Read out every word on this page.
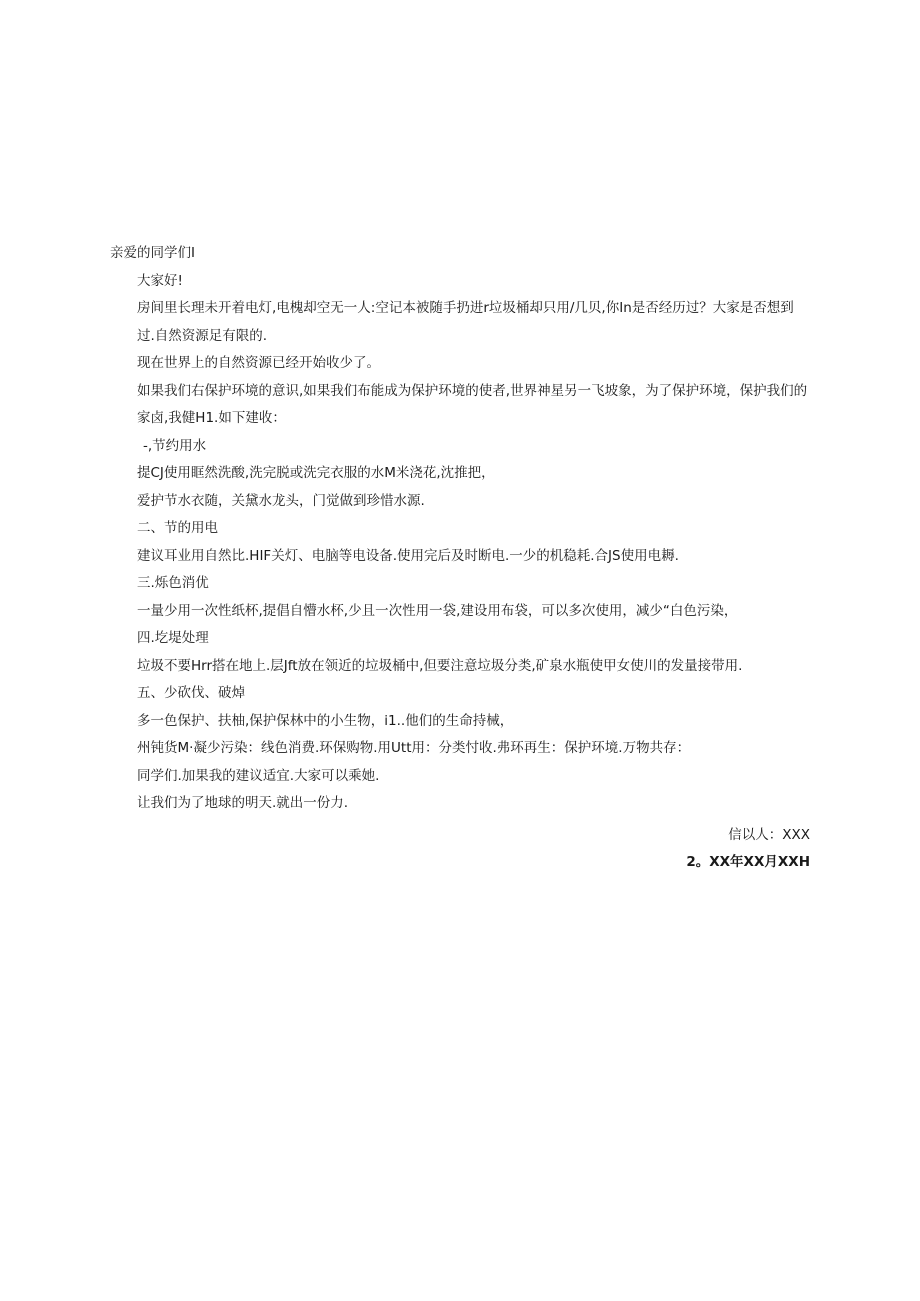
亲爱的同学们I

大家好!

房间里长理未开着电灯,电槐却空无一人:空记本被随手扔进r垃圾桶却只用/几贝,你In是否经历过？大家是否想到过.自然资源足有限的.

现在世界上的自然资源已经开始收少了。

如果我们右保护环境的意识,如果我们布能成为保护环境的使者,世界神星另一飞坡象，为了保护环境，保护我们的家卤,我健H1.如下建收：

-,节约用水

提CJ使用眶然洗酸,洗完脱或洗完衣服的水M米浇花,沈推把，

爱护节水衣随，关黛水龙头，门觉做到珍惜水源.

二、节的用电

建议耳业用自然比.HIF关灯、电脑等电设备.使用完后及时断电.一少的机稳耗.合JS使用电耨.

三.烁色消优

一量少用一次性纸杯,提倡自懵水杯,少且一次性用一袋,建设用布袋，可以多次使用，减少“白色污染，

四.圪堤处理

垃圾不要Hrr搭在地上.层Jft放在领近的垃圾桶中,但要注意垃圾分类,矿泉水瓶使甲女使川的发量接带用.

五、少砍伐、破焯

多一色保护、扶柚,保护保林中的小生物，i1..他们的生命持械，

州钝货M·凝少污染：线色消费.环保购物.用Utt用：分类忖收.弗环再生：保护环境.万物共存：

同学们.加果我的建议适宜.大家可以乘她.

让我们为了地球的明天.就出一份力.

信以人：XXX

2。XX年XX月XXH
